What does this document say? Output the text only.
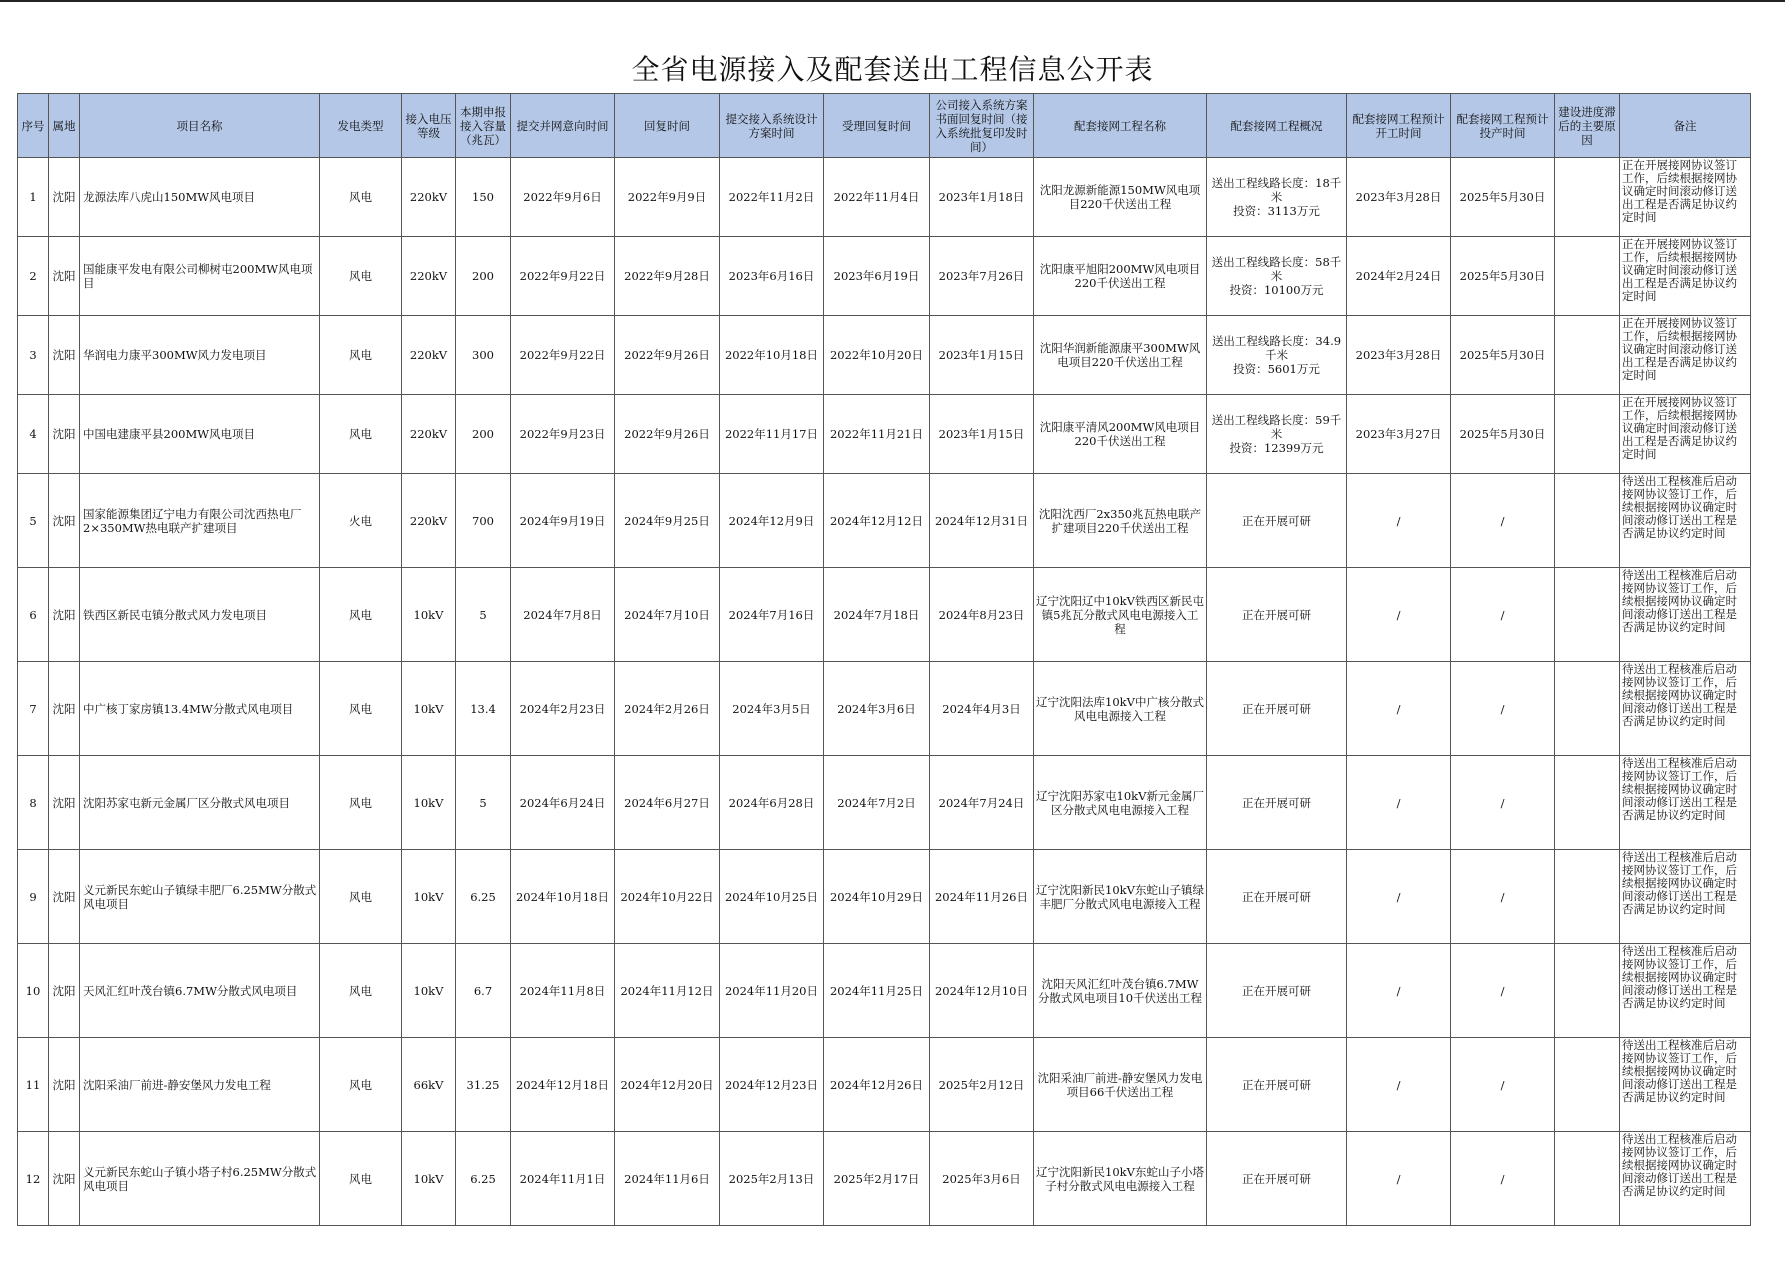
全省电源接入及配套送出工程信息公开表
序号	属地	项目名称	发电类型	接入电压等级	本期申报接入容量（兆瓦）	提交并网意向时间	回复时间	提交接入系统设计方案时间	受理回复时间	公司接入系统方案书面回复时间（接入系统批复印发时间）	配套接网工程名称	配套接网工程概况	配套接网工程预计开工时间	配套接网工程预计投产时间	建设进度滞后的主要原因	备注
1	沈阳	龙源法库八虎山150MW风电项目	风电	220kV	150	2022年9月6日	2022年9月9日	2022年11月2日	2022年11月4日	2023年1月18日	沈阳龙源新能源150MW风电项目220千伏送出工程	送出工程线路长度：18千米
投资：3113万元	2023年3月28日	2025年5月30日		正在开展接网协议签订工作，后续根据接网协议确定时间滚动修订送出工程是否满足协议约定时间

2	沈阳	国能康平发电有限公司柳树屯200MW风电项目	风电	220kV	200	2022年9月22日	2022年9月28日	2023年6月16日	2023年6月19日	2023年7月26日	沈阳康平旭阳200MW风电项目220千伏送出工程	送出工程线路长度：58千米
投资：10100万元	2024年2月24日	2025年5月30日		正在开展接网协议签订工作，后续根据接网协议确定时间滚动修订送出工程是否满足协议约定时间

3	沈阳	华润电力康平300MW风力发电项目	风电	220kV	300	2022年9月22日	2022年9月26日	2022年10月18日	2022年10月20日	2023年1月15日	沈阳华润新能源康平300MW风电项目220千伏送出工程	送出工程线路长度：34.9千米
投资：5601万元	2023年3月28日	2025年5月30日		正在开展接网协议签订工作，后续根据接网协议确定时间滚动修订送出工程是否满足协议约定时间

4	沈阳	中国电建康平县200MW风电项目	风电	220kV	200	2022年9月23日	2022年9月26日	2022年11月17日	2022年11月21日	2023年1月15日	沈阳康平清风200MW风电项目220千伏送出工程	送出工程线路长度：59千米
投资：12399万元	2023年3月27日	2025年5月30日		正在开展接网协议签订工作，后续根据接网协议确定时间滚动修订送出工程是否满足协议约定时间

5	沈阳	国家能源集团辽宁电力有限公司沈西热电厂2×350MW热电联产扩建项目	火电	220kV	700	2024年9月19日	2024年9月25日	2024年12月9日	2024年12月12日	2024年12月31日	沈阳沈西厂2x350兆瓦热电联产扩建项目220千伏送出工程	正在开展可研	/	/		待送出工程核准后启动接网协议签订工作，后续根据接网协议确定时间滚动修订送出工程是否满足协议约定时间

6	沈阳	铁西区新民屯镇分散式风力发电项目	风电	10kV	5	2024年7月8日	2024年7月10日	2024年7月16日	2024年7月18日	2024年8月23日	辽宁沈阳辽中10kV铁西区新民屯镇5兆瓦分散式风电电源接入工程	正在开展可研	/	/		待送出工程核准后启动接网协议签订工作，后续根据接网协议确定时间滚动修订送出工程是否满足协议约定时间

7	沈阳	中广核丁家房镇13.4MW分散式风电项目	风电	10kV	13.4	2024年2月23日	2024年2月26日	2024年3月5日	2024年3月6日	2024年4月3日	辽宁沈阳法库10kV中广核分散式风电电源接入工程	正在开展可研	/	/		待送出工程核准后启动接网协议签订工作，后续根据接网协议确定时间滚动修订送出工程是否满足协议约定时间

8	沈阳	沈阳苏家屯新元金属厂区分散式风电项目	风电	10kV	5	2024年6月24日	2024年6月27日	2024年6月28日	2024年7月2日	2024年7月24日	辽宁沈阳苏家屯10kV新元金属厂区分散式风电电源接入工程	正在开展可研	/	/		待送出工程核准后启动接网协议签订工作，后续根据接网协议确定时间滚动修订送出工程是否满足协议约定时间

9	沈阳	义元新民东蛇山子镇绿丰肥厂6.25MW分散式风电项目	风电	10kV	6.25	2024年10月18日	2024年10月22日	2024年10月25日	2024年10月29日	2024年11月26日	辽宁沈阳新民10kV东蛇山子镇绿丰肥厂分散式风电电源接入工程	正在开展可研	/	/		待送出工程核准后启动接网协议签订工作，后续根据接网协议确定时间滚动修订送出工程是否满足协议约定时间

10	沈阳	天风汇红叶茂台镇6.7MW分散式风电项目	风电	10kV	6.7	2024年11月8日	2024年11月12日	2024年11月20日	2024年11月25日	2024年12月10日	沈阳天风汇红叶茂台镇6.7MW分散式风电项目10千伏送出工程	正在开展可研	/	/		待送出工程核准后启动接网协议签订工作，后续根据接网协议确定时间滚动修订送出工程是否满足协议约定时间

11	沈阳	沈阳采油厂前进-静安堡风力发电工程	风电	66kV	31.25	2024年12月18日	2024年12月20日	2024年12月23日	2024年12月26日	2025年2月12日	沈阳采油厂前进-静安堡风力发电项目66千伏送出工程	正在开展可研	/	/		待送出工程核准后启动接网协议签订工作，后续根据接网协议确定时间滚动修订送出工程是否满足协议约定时间

12	沈阳	义元新民东蛇山子镇小塔子村6.25MW分散式风电项目	风电	10kV	6.25	2024年11月1日	2024年11月6日	2025年2月13日	2025年2月17日	2025年3月6日	辽宁沈阳新民10kV东蛇山子小塔子村分散式风电电源接入工程	正在开展可研	/	/		待送出工程核准后启动接网协议签订工作，后续根据接网协议确定时间滚动修订送出工程是否满足协议约定时间
